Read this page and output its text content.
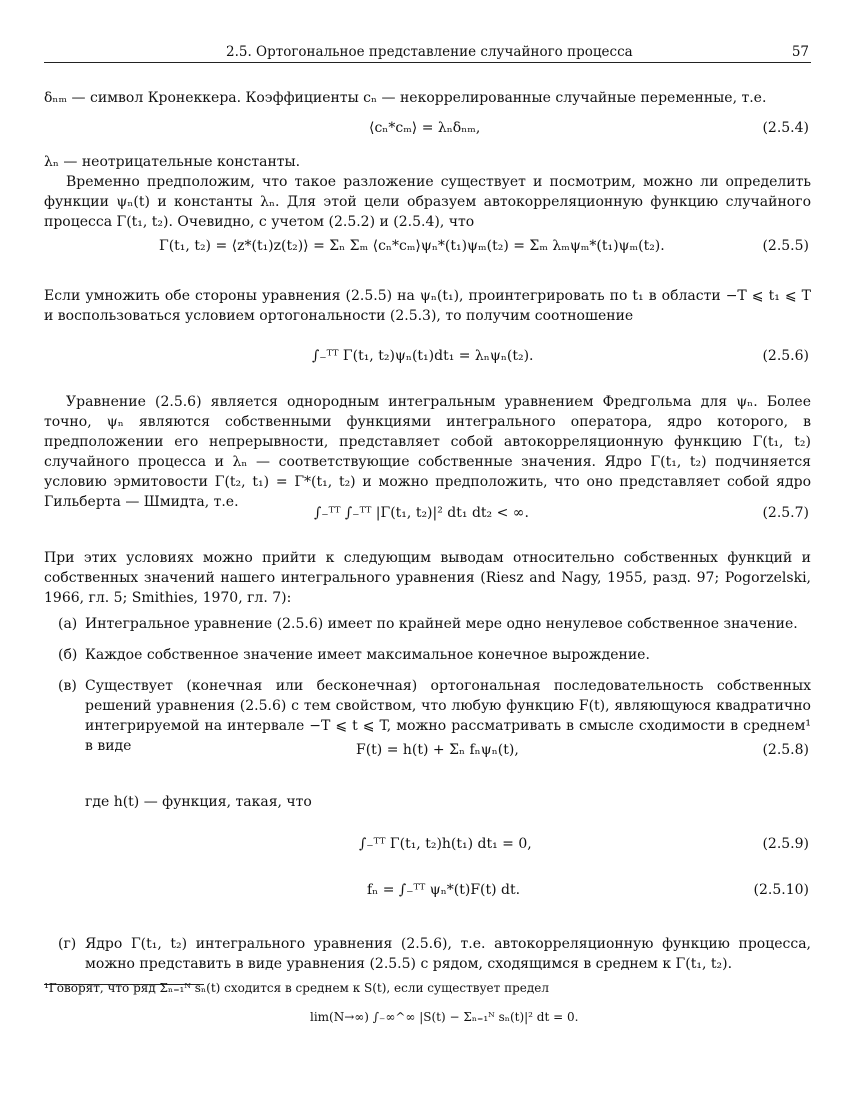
2.5. Ортогональное представление случайного процесса	57

δₙₘ — символ Кронеккера. Коэффициенты cₙ — некоррелированные случайные переменные, т.е.

⟨cₙ*cₘ⟩ = λₙδₙₘ,	(2.5.4)

λₙ — неотрицательные константы.

Временно предположим, что такое разложение существует и посмотрим, можно ли определить функции ψₙ(t) и константы λₙ. Для этой цели образуем автокорреляционную функцию случайного процесса Γ(t₁, t₂). Очевидно, с учетом (2.5.2) и (2.5.4), что

Γ(t₁, t₂) = ⟨z*(t₁)z(t₂)⟩ = Σₙ Σₘ ⟨cₙ*cₘ⟩ψₙ*(t₁)ψₘ(t₂) = Σₘ λₘψₘ*(t₁)ψₘ(t₂).	(2.5.5)

Если умножить обе стороны уравнения (2.5.5) на ψₙ(t₁), проинтегрировать по t₁ в области −T ⩽ t₁ ⩽ T и воспользоваться условием ортогональности (2.5.3), то получим соотношение

∫₋ᵀᵀ Γ(t₁, t₂)ψₙ(t₁)dt₁ = λₙψₙ(t₂).	(2.5.6)

Уравнение (2.5.6) является однородным интегральным уравнением Фредгольма для ψₙ. Более точно, ψₙ являются собственными функциями интегрального оператора, ядро которого, в предположении его непрерывности, представляет собой автокорреляционную функцию Γ(t₁, t₂) случайного процесса и λₙ — соответствующие собственные значения. Ядро Γ(t₁, t₂) подчиняется условию эрмитовости Γ(t₂, t₁) = Γ*(t₁, t₂) и можно предположить, что оно представляет собой ядро Гильберта — Шмидта, т.е.

∫₋ᵀᵀ ∫₋ᵀᵀ |Γ(t₁, t₂)|² dt₁ dt₂ < ∞.	(2.5.7)

При этих условиях можно прийти к следующим выводам относительно собственных функций и собственных значений нашего интегрального уравнения (Riesz and Nagy, 1955, разд. 97; Pogorzelski, 1966, гл. 5; Smithies, 1970, гл. 7):

(а) Интегральное уравнение (2.5.6) имеет по крайней мере одно ненулевое собственное значение.
(б) Каждое собственное значение имеет максимальное конечное вырождение.
(в) Существует (конечная или бесконечная) ортогональная последовательность собственных решений уравнения (2.5.6) с тем свойством, что любую функцию F(t), являющуюся квадратично интегрируемой на интервале −T ⩽ t ⩽ T, можно рассматривать в смысле сходимости в среднем¹ в виде	F(t) = h(t) + Σₙ fₙψₙ(t),	(2.5.8)

где h(t) — функция, такая, что

∫₋ᵀᵀ Γ(t₁, t₂)h(t₁) dt₁ = 0,	(2.5.9)
fₙ = ∫₋ᵀᵀ ψₙ*(t)F(t) dt.	(2.5.10)
(г) Ядро Γ(t₁, t₂) интегрального уравнения (2.5.6), т.е. автокорреляционную функцию процесса, можно представить в виде уравнения (2.5.5) с рядом, сходящимся в среднем к Γ(t₁, t₂).
¹Говорят, что ряд Σₙ₌₁ᴺ sₙ(t) сходится в среднем к S(t), если существует предел
lim(N→∞) ∫₋∞^∞ |S(t) − Σₙ₌₁ᴺ sₙ(t)|² dt = 0.
